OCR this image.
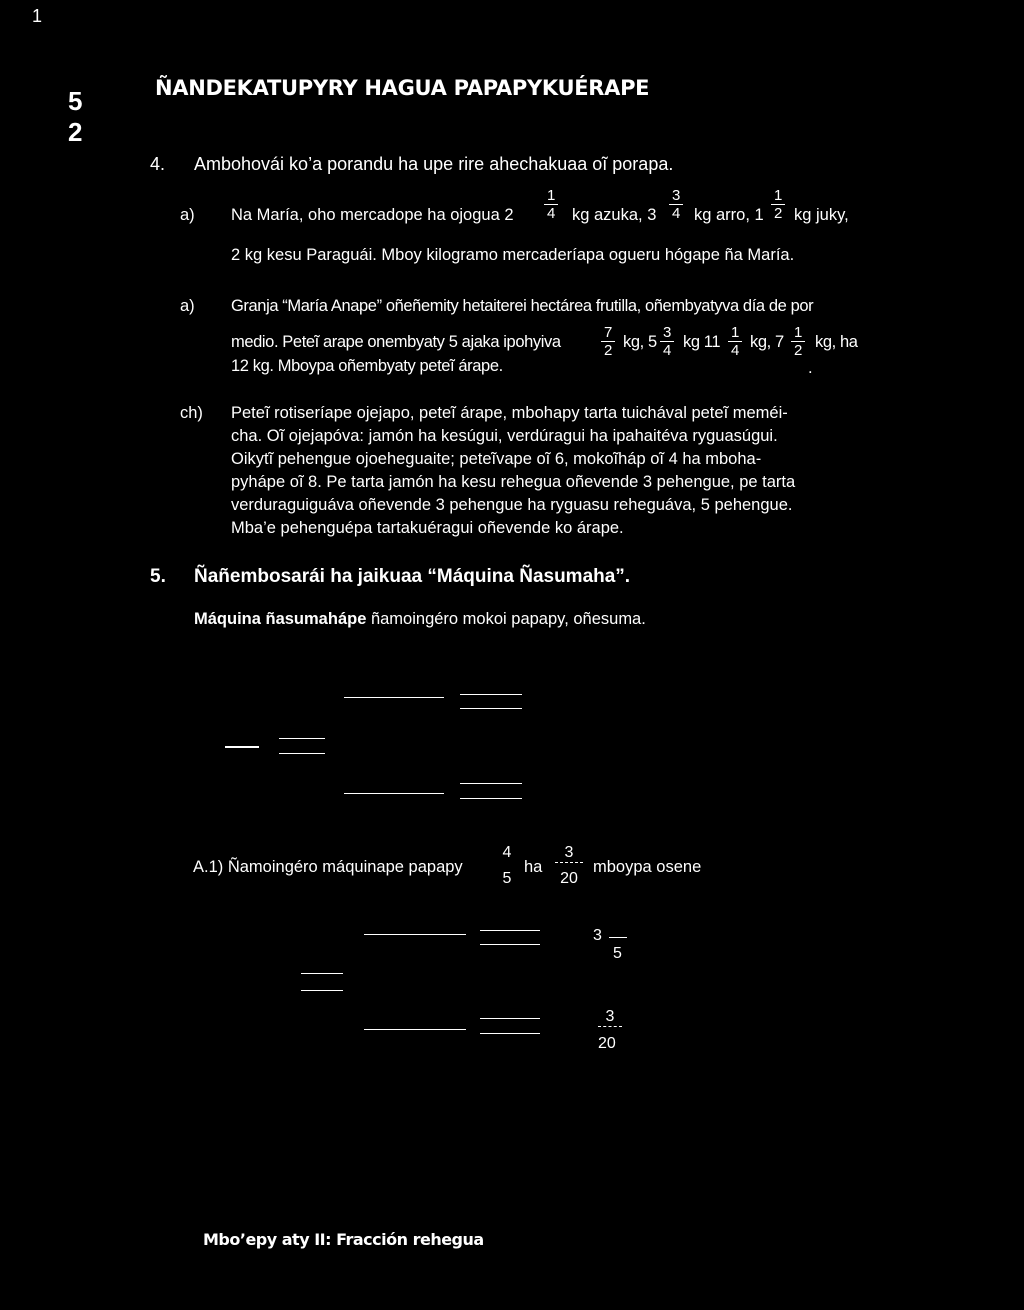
1
ÑANDEKATUPYRY HAGUA PAPAPYKUÉRAPE
5 2
4. Ambohovái ko’a porandu ha upe rire ahechakuaa oĩ porapa.
a) Na María, oho mercadope ha ojogua $2 \frac{1}{4}$ kg azuka, $3 \frac{3}{4}$ kg arro, $1 \frac{1}{2}$ kg juky,
2 kg kesu Paraguái. Mboy kilogramo mercaderíapa ogueru hógape ña María.
a) Granja “María Anape” oñeñemity hetaiterei hectárea frutilla, oñembyatyva día de por
medio. Peteĩ arape onembyaty 5 ajaka ipohyiva	$\frac{7}{2}$ kg, $5 \frac{3}{4}$ kg $11 \frac{1}{4}$ kg, $7 \frac{1}{2}$ kg, ha
12 kg. Mboypa oñembyaty peteĩ árape.	.
ch) Peteĩ rotiseríape ojejapo, peteĩ árape, mbohapy tarta tuichával peteĩ meméi-
cha. Oĩ ojejapóva: jamón ha kesúgui, verdúragui ha ipahaitéva ryguasúgui.
Oikytĩ pehengue ojoeheguaite; peteĩvape oĩ 6, mokoĩháp oĩ 4 ha mboha-
pyhápe oĩ 8. Pe tarta jamón ha kesu rehegua oñevende 3 pehengue, pe tarta
verduraguiguáva oñevende 3 pehengue ha ryguasu reheguáva, 5 pehengue.
Mba’e pehenguépa tartakuéragui oñevende ko árape.
5. Ñañembosarái ha jaikuaa “Máquina Ñasumaha”.
Máquina ñasumahápe ñamoingéro mokoi papapy, oñesuma.
A.1) Ñamoingéro máquinape papapy
4
5
ha
3
20
mboypa osene
3
5
3
20
Mbo’epy aty II: Fracción rehegua
